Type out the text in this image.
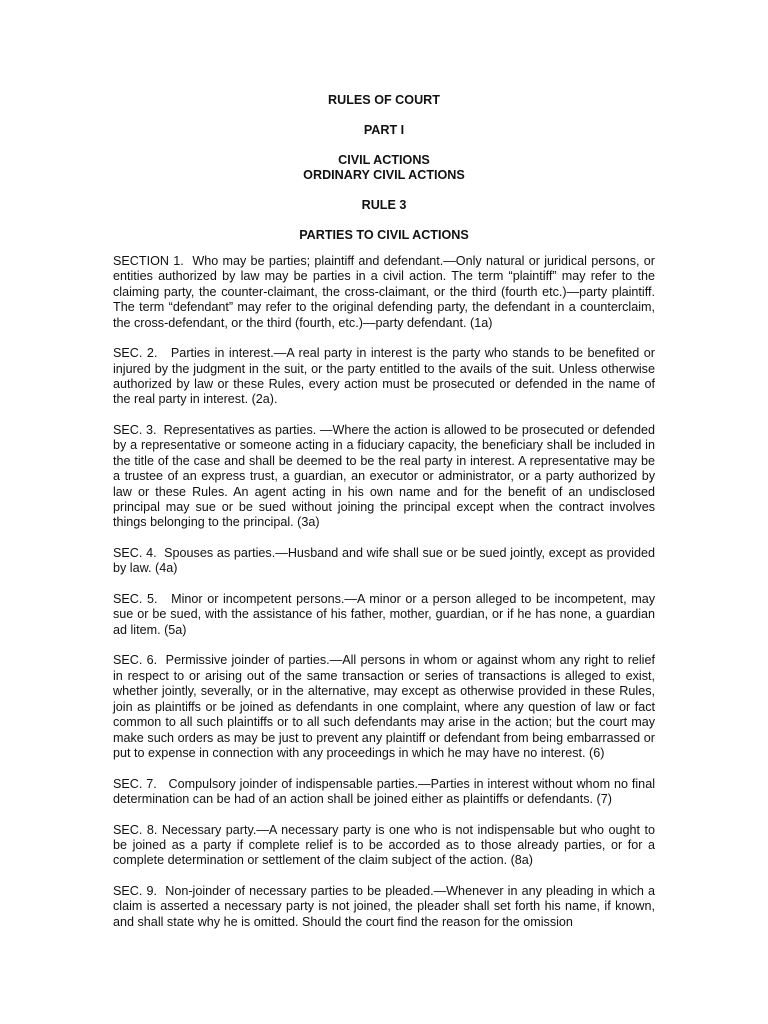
RULES OF COURT
PART I
CIVIL ACTIONS
ORDINARY CIVIL ACTIONS
RULE 3
PARTIES TO CIVIL ACTIONS

SECTION 1.  Who may be parties; plaintiff and defendant.—Only natural or juridical persons, or entities authorized by law may be parties in a civil action. The term “plaintiff” may refer to the claiming party, the counter-claimant, the cross-claimant, or the third (fourth etc.)—party plaintiff. The term “defendant” may refer to the original defending party, the defendant in a counterclaim, the cross-defendant, or the third (fourth, etc.)—party defendant. (1a)

SEC. 2.   Parties in interest.—A real party in interest is the party who stands to be benefited or injured by the judgment in the suit, or the party entitled to the avails of the suit. Unless otherwise authorized by law or these Rules, every action must be prosecuted or defended in the name of the real party in interest. (2a).

SEC. 3.  Representatives as parties. —Where the action is allowed to be prosecuted or defended by a representative or someone acting in a fiduciary capacity, the beneficiary shall be included in the title of the case and shall be deemed to be the real party in interest. A representative may be a trustee of an express trust, a guardian, an executor or administrator, or a party authorized by law or these Rules. An agent acting in his own name and for the benefit of an undisclosed principal may sue or be sued without joining the principal except when the contract involves things belonging to the principal. (3a)

SEC. 4.  Spouses as parties.—Husband and wife shall sue or be sued jointly, except as provided by law. (4a)

SEC. 5.   Minor or incompetent persons.—A minor or a person alleged to be incompetent, may sue or be sued, with the assistance of his father, mother, guardian, or if he has none, a guardian ad litem. (5a)

SEC. 6.  Permissive joinder of parties.—All persons in whom or against whom any right to relief in respect to or arising out of the same transaction or series of transactions is alleged to exist, whether jointly, severally, or in the alternative, may except as otherwise provided in these Rules, join as plaintiffs or be joined as defendants in one complaint, where any question of law or fact common to all such plaintiffs or to all such defendants may arise in the action; but the court may make such orders as may be just to prevent any plaintiff or defendant from being embarrassed or put to expense in connection with any proceedings in which he may have no interest. (6)

SEC. 7.   Compulsory joinder of indispensable parties.—Parties in interest without whom no final determination can be had of an action shall be joined either as plaintiffs or defendants. (7)

SEC. 8. Necessary party.—A necessary party is one who is not indispensable but who ought to be joined as a party if complete relief is to be accorded as to those already parties, or for a complete determination or settlement of the claim subject of the action. (8a)

SEC. 9.  Non-joinder of necessary parties to be pleaded.—Whenever in any pleading in which a claim is asserted a necessary party is not joined, the pleader shall set forth his name, if known, and shall state why he is omitted. Should the court find the reason for the omission
